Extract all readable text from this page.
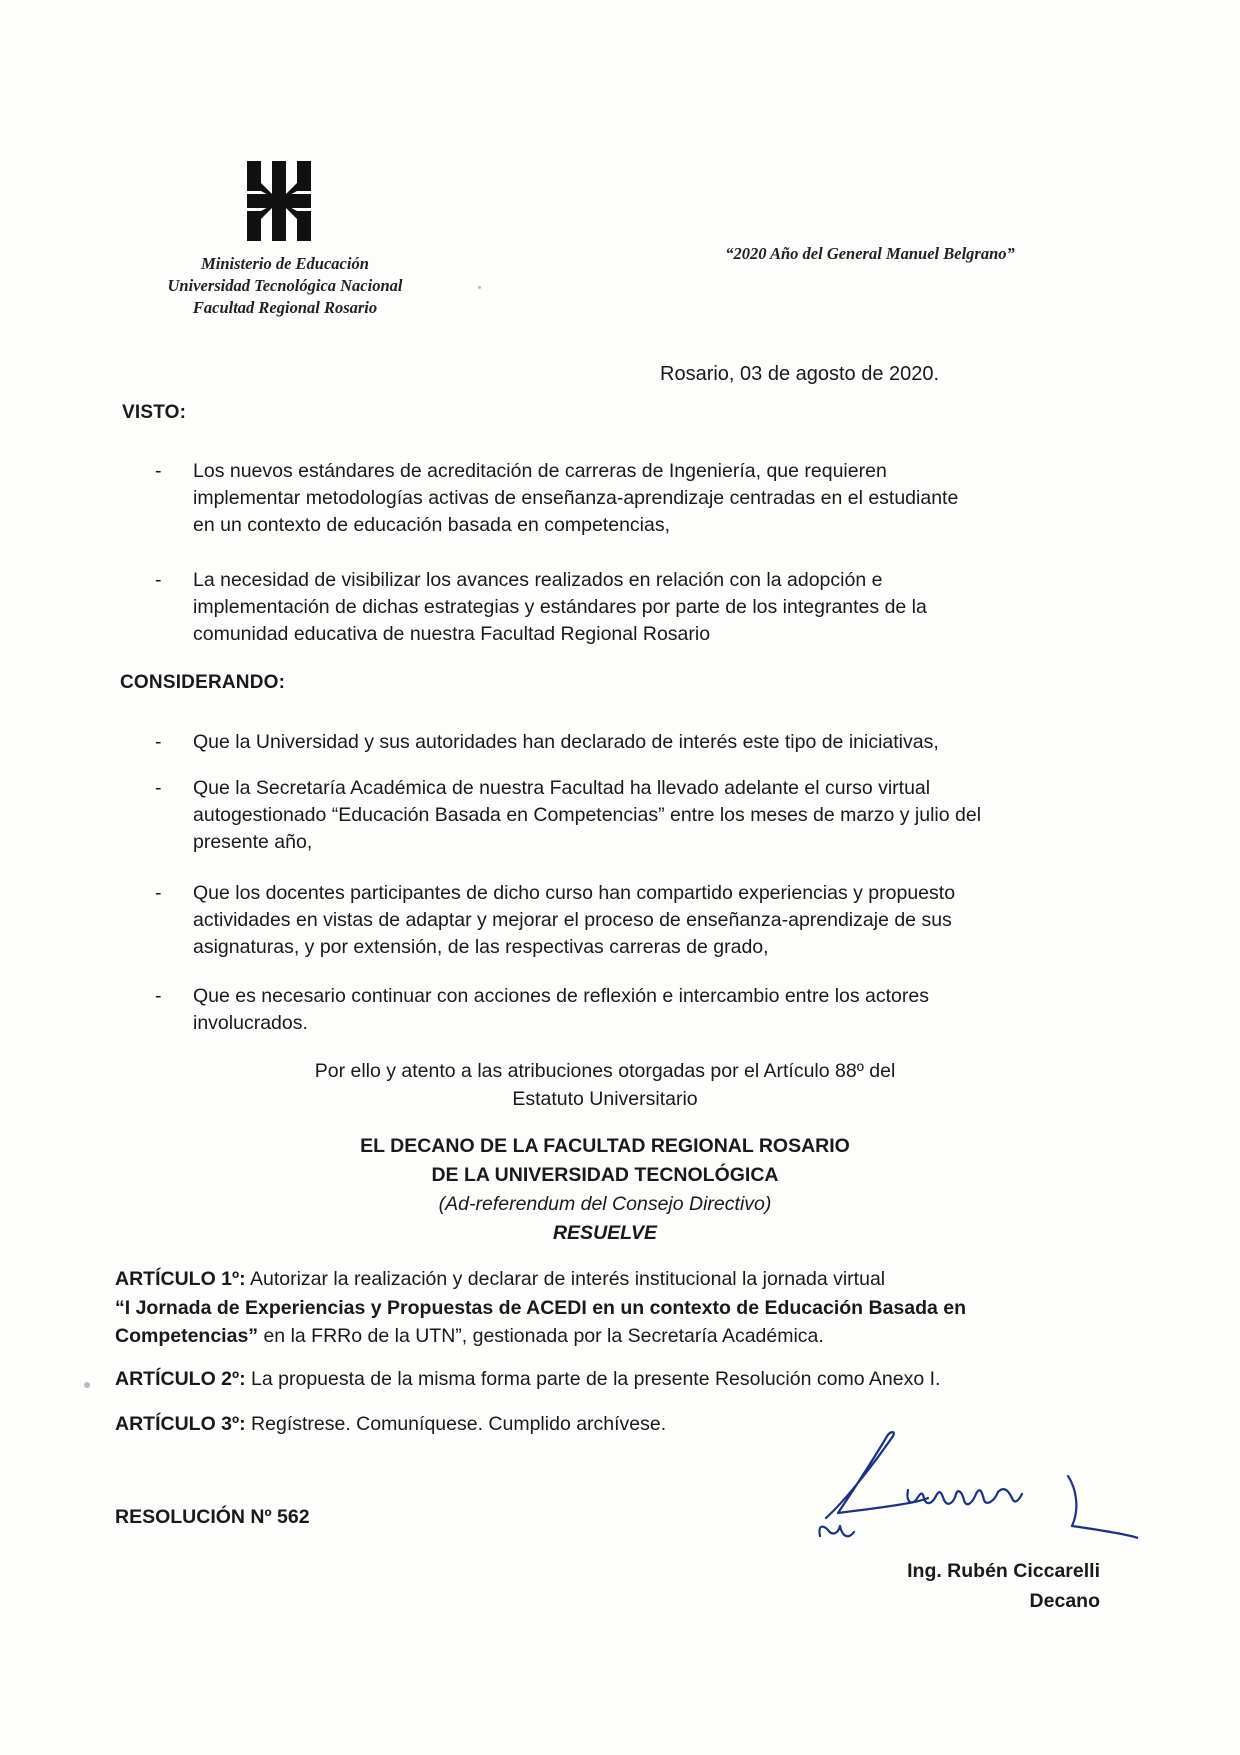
Ministerio de Educación
Universidad Tecnológica Nacional
Facultad Regional Rosario
“2020 Año del General Manuel Belgrano”
Rosario, 03 de agosto de 2020.
VISTO:
- Los nuevos estándares de acreditación de carreras de Ingeniería, que requieren
implementar metodologías activas de enseñanza-aprendizaje centradas en el estudiante
en un contexto de educación basada en competencias,
- La necesidad de visibilizar los avances realizados en relación con la adopción e
implementación de dichas estrategias y estándares por parte de los integrantes de la
comunidad educativa de nuestra Facultad Regional Rosario
CONSIDERANDO:
- Que la Universidad y sus autoridades han declarado de interés este tipo de iniciativas,
- Que la Secretaría Académica de nuestra Facultad ha llevado adelante el curso virtual
autogestionado “Educación Basada en Competencias” entre los meses de marzo y julio del
presente año,
- Que los docentes participantes de dicho curso han compartido experiencias y propuesto
actividades en vistas de adaptar y mejorar el proceso de enseñanza-aprendizaje de sus
asignaturas, y por extensión, de las respectivas carreras de grado,
- Que es necesario continuar con acciones de reflexión e intercambio entre los actores
involucrados.
Por ello y atento a las atribuciones otorgadas por el Artículo 88º del
Estatuto Universitario
EL DECANO DE LA FACULTAD REGIONAL ROSARIO
DE LA UNIVERSIDAD TECNOLÓGICA
(Ad-referendum del Consejo Directivo)
RESUELVE
ARTÍCULO 1º: Autorizar la realización y declarar de interés institucional la jornada virtual
“I Jornada de Experiencias y Propuestas de ACEDI en un contexto de Educación Basada en
Competencias” en la FRRo de la UTN”, gestionada por la Secretaría Académica.
ARTÍCULO 2º: La propuesta de la misma forma parte de la presente Resolución como Anexo I.
ARTÍCULO 3º: Regístrese. Comuníquese. Cumplido archívese.
RESOLUCIÓN Nº 562
Ing. Rubén Ciccarelli
Decano
